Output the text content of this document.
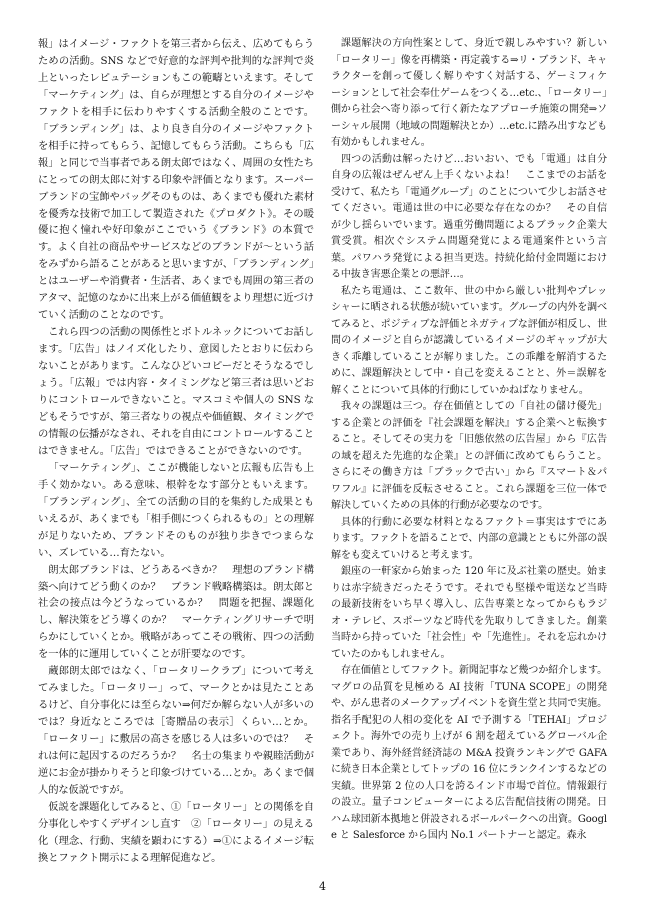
報」はイメージ・ファクトを第三者から伝え、広めてもらうための活動。SNS などで好意的な評判や批判的な評判で炎上といったレピュテーションもこの範疇といえます。そして「マーケティング」は、自らが理想とする自分のイメージやファクトを相手に伝わりやすくする活動全般のことです。「ブランディング」は、より良き自分のイメージやファクトを相手に持ってもらう、記憶してもらう活動。こちらも「広報」と同じで当事者である朗太郎ではなく、周囲の女性たちにとっての朗太郎に対する印象や評価となります。スーパーブランドの宝飾やバッグそのものは、あくまでも優れた素材を優秀な技術で加工して製造された《プロダクト》。その暖優に抱く憧れや好印象がここでいう《ブランド》の本質です。よく自社の商品やサービスなどのブランドが～という話をみずから語ることがあると思いますが、「ブランディング」とはユーザーや消費者・生活者、あくまでも周囲の第三者のアタマ、記憶のなかに出来上がる価値観をより理想に近づけていく活動のことなのです。

これら四つの活動の関係性とボトルネックについてお話します。「広告」はノイズ化したり、意図したとおりに伝わらないことがあります。こんなひどいコピーだとそうなるでしょう。「広報」では内容・タイミングなど第三者は思いどおりにコントロールできないこと。マスコミや個人の SNS などもそうですが、第三者なりの視点や価値観、タイミングでの情報の伝播がなされ、それを自由にコントロールすることはできません。「広告」ではできることができないのです。

「マーケティング」、ここが機能しないと広報も広告も上手く効かない。ある意味、根幹をなす部分ともいえます。「ブランディング」、全ての活動の目的を集約した成果ともいえるが、あくまでも「相手側につくられるもの」との理解が足りないため、ブランドそのものが独り歩きでつまらない、ズレている…育たない。

朗太郎ブランドは、どうあるべきか？　理想のブランド構築へ向けてどう動くのか？　ブランド戦略構築は。朗太郎と社会の接点は今どうなっているか？　問題を把握、課題化し、解決策をどう導くのか？　マーケティングリサーチで明らかにしていくとか。戦略があってこその戦術、四つの活動を一体的に運用していくことが肝要なのです。

蔵郎朗太郎ではなく、「ロータリークラブ」について考えてみました。「ロータリー」って、マークとかは見たことあるけど、自分事化には至らない⇒何だか解らない人が多いのでは？身近なところでは［寄贈品の表示］くらい…とか。「ロータリー」に敷居の高さを感じる人は多いのでは？　それは何に起因するのだろうか？　名士の集まりや親睦活動が逆にお金が掛かりそうと印象づけている…とか。あくまで個人的な仮説ですが。

仮説を課題化してみると、①「ロータリー」との関係を自分事化しやすくデザインし直す　②「ロータリー」の見える化（理念、行動、実績を顕わにする）⇒①によるイメージ転換とファクト開示による理解促進など。

課題解決の方向性案として、身近で親しみやすい？新しい「ロータリー」像を再構築・再定義する⇒リ・ブランド、キャラクターを創って優しく解りやすく対話する、ゲーミフィケーションとして社会奉仕ゲームをつくる…etc.、「ロータリー」側から社会へ寄り添って行く新たなアプローチ施策の開発⇒ソーシャル展開（地域の問題解決とか）…etc.に踏み出すなども有効かもしれません。

四つの活動は解ったけど…おいおい、でも「電通」は自分自身の広報はぜんぜん上手くないよね！　ここまでのお話を受けて、私たち「電通グループ」のことについて少しお話させてください。電通は世の中に必要な存在なのか？　その自信が少し揺らいでいます。過重労働問題によるブラック企業大賞受賞。相次ぐシステム問題発覚による電通案件という言葉。パワハラ発覚による担当更迭。持続化給付金問題における中抜き害悪企業との悪評…。

私たち電通は、ここ数年、世の中から厳しい批判やプレッシャーに晒される状態が続いています。グループの内外を調べてみると、ポジティブな評価とネガティブな評価が相反し、世間のイメージと自らが認識しているイメージのギャップが大きく乖離していることが解りました。この乖離を解消するために、課題解決として中・自己を変えることと、外＝誤解を解くことについて具体的行動にしていかねばなりません。

我々の課題は三つ。存在価値としての「自社の儲け優先」する企業との評価を『社会課題を解決』する企業へと転換すること。そしてその実力を「旧態依然の広告屋」から『広告の域を超えた先進的な企業』との評価に改めてもらうこと。さらにその働き方は「ブラックで古い」から『スマート＆パワフル』に評価を反転させること。これら課題を三位一体で解決していくための具体的行動が必要なのです。

具体的行動に必要な材料となるファクト＝事実はすでにあります。ファクトを語ることで、内部の意識とともに外部の誤解をも変えていけると考えます。

銀座の一軒家から始まった 120 年に及ぶ社業の歴史。始まりは赤字続きだったそうです。それでも堅様や電送など当時の最新技術をいち早く導入し、広告専業となってからもラジオ・テレビ、スポーツなど時代を先取りしてきました。創業当時から持っていた「社会性」や「先進性」。それを忘れかけていたのかもしれません。

存在価値としてファクト。新聞記事など幾つか紹介します。マグロの品質を見極める AI 技術「TUNA SCOPE」の開発や、がん患者のメークアップイベントを資生堂と共同で実施。指名手配犯の人相の変化を AI で予測する「TEHAI」プロジェクト。海外での売り上げが 6 割を超えているグローバル企業であり、海外経営経済誌の M&A 投資ランキングで GAFA に続き日本企業としてトップの 16 位にランクインするなどの実績。世界第 2 位の人口を誇るインド市場で首位。情報銀行の設立。量子コンピューターによる広告配信技術の開発。日ハム球団新本拠地と併設されるボールパークへの出資。Google と Salesforce から国内 No.1 パートナーと認定。森永

4
